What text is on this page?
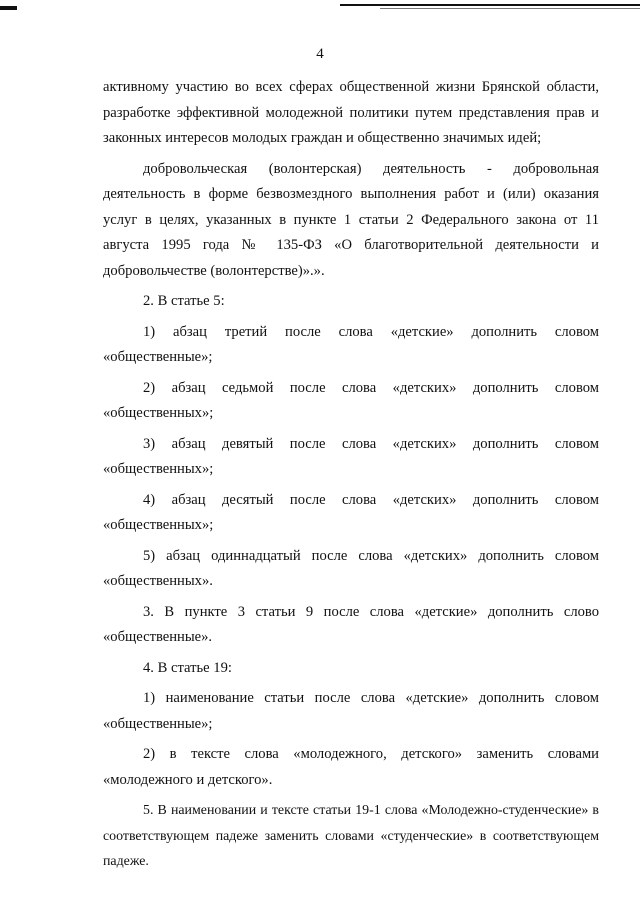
4

активному участию во всех сферах общественной жизни Брянской области, разработке эффективной молодежной политики путем представления прав и законных интересов молодых граждан и общественно значимых идей;

добровольческая (волонтерская) деятельность - добровольная деятельность в форме безвозмездного выполнения работ и (или) оказания услуг в целях, указанных в пункте 1 статьи 2 Федерального закона от 11 августа 1995 года № 135-ФЗ «О благотворительной деятельности и добровольчестве (волонтерстве)».».

2. В статье 5:

1) абзац третий после слова «детские» дополнить словом «общественные»;

2) абзац седьмой после слова «детских» дополнить словом «общественных»;

3) абзац девятый после слова «детских» дополнить словом «общественных»;

4) абзац десятый после слова «детских» дополнить словом «общественных»;

5) абзац одиннадцатый после слова «детских» дополнить словом «общественных».

3. В пункте 3 статьи 9 после слова «детские» дополнить слово «общественные».

4. В статье 19:

1) наименование статьи после слова «детские» дополнить словом «общественные»;

2) в тексте слова «молодежного, детского» заменить словами «молодежного и детского».

5. В наименовании и тексте статьи 19-1 слова «Молодежно-студенческие» в соответствующем падеже заменить словами «студенческие» в соответствующем падеже.
